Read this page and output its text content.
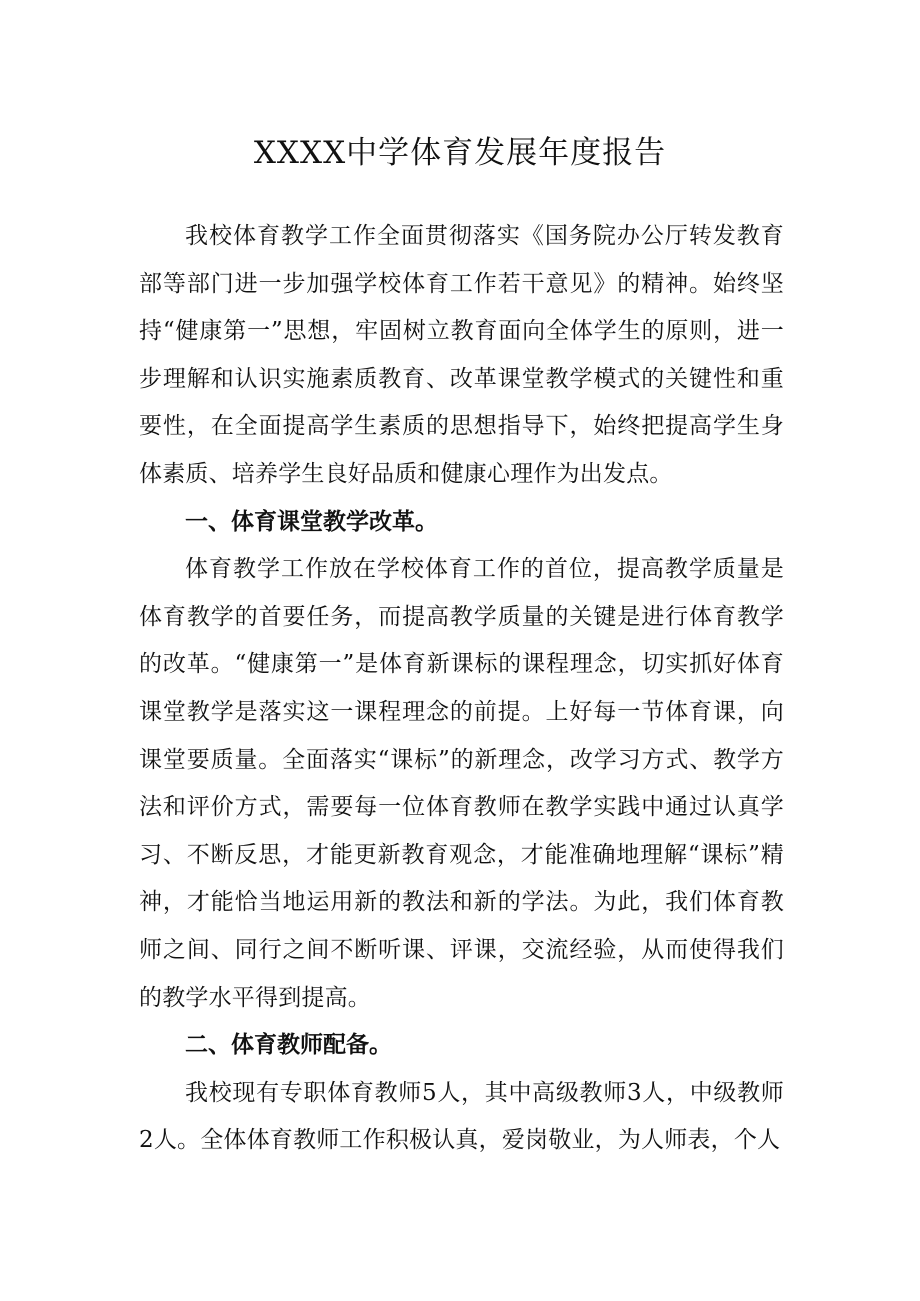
XXXX中学体育发展年度报告

我校体育教学工作全面贯彻落实《国务院办公厅转发教育部等部门进一步加强学校体育工作若干意见》的精神。始终坚持“健康第一”思想，牢固树立教育面向全体学生的原则，进一步理解和认识实施素质教育、改革课堂教学模式的关键性和重要性，在全面提高学生素质的思想指导下，始终把提高学生身体素质、培养学生良好品质和健康心理作为出发点。

一、体育课堂教学改革。

体育教学工作放在学校体育工作的首位，提高教学质量是体育教学的首要任务，而提高教学质量的关键是进行体育教学的改革。“健康第一”是体育新课标的课程理念，切实抓好体育课堂教学是落实这一课程理念的前提。上好每一节体育课，向课堂要质量。全面落实“课标”的新理念，改学习方式、教学方法和评价方式，需要每一位体育教师在教学实践中通过认真学习、不断反思，才能更新教育观念，才能准确地理解“课标”精神，才能恰当地运用新的教法和新的学法。为此，我们体育教师之间、同行之间不断听课、评课，交流经验，从而使得我们的教学水平得到提高。

二、体育教师配备。

我校现有专职体育教师5人，其中高级教师3人，中级教师2人。全体体育教师工作积极认真，爱岗敬业，为人师表，个人
